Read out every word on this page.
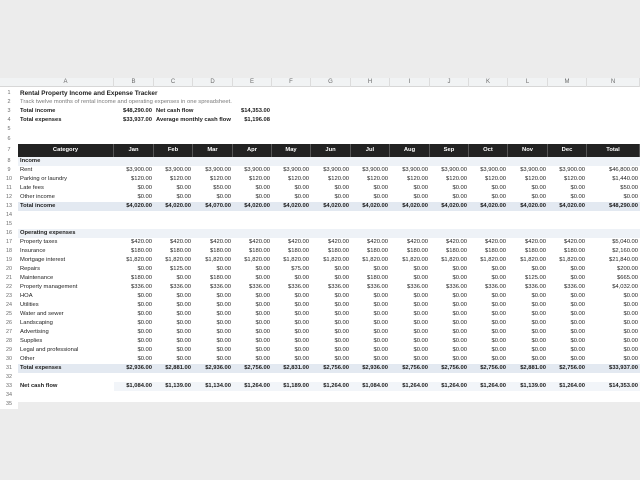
A	B	C	D	E	F	G	H	I	J	K	L	M	N
1	Rental Property Income and Expense Tracker
2	Track twelve months of rental income and operating expenses in one spreadsheet.
3	Total income	$48,290.00 Net cash flow	$14,353.00
4	Total expenses	$33,937.00 Average monthly cash flow	$1,196.08
5
6
7	Category	Jan	Feb	Mar	Apr	May	Jun	Jul	Aug	Sep	Oct	Nov	Dec	Total
8	Income
9	Rent	$3,900.00	$3,900.00	$3,900.00	$3,900.00	$3,900.00	$3,900.00	$3,900.00	$3,900.00	$3,900.00	$3,900.00	$3,900.00	$3,900.00	$46,800.00
10	Parking or laundry	$120.00	$120.00	$120.00	$120.00	$120.00	$120.00	$120.00	$120.00	$120.00	$120.00	$120.00	$120.00	$1,440.00
11	Late fees	$0.00	$0.00	$50.00	$0.00	$0.00	$0.00	$0.00	$0.00	$0.00	$0.00	$0.00	$0.00	$50.00
12	Other income	$0.00	$0.00	$0.00	$0.00	$0.00	$0.00	$0.00	$0.00	$0.00	$0.00	$0.00	$0.00	$0.00
13	Total income	$4,020.00	$4,020.00	$4,070.00	$4,020.00	$4,020.00	$4,020.00	$4,020.00	$4,020.00	$4,020.00	$4,020.00	$4,020.00	$4,020.00	$48,290.00
14
15
16	Operating expenses
17	Property taxes	$420.00	$420.00	$420.00	$420.00	$420.00	$420.00	$420.00	$420.00	$420.00	$420.00	$420.00	$420.00	$5,040.00
18	Insurance	$180.00	$180.00	$180.00	$180.00	$180.00	$180.00	$180.00	$180.00	$180.00	$180.00	$180.00	$180.00	$2,160.00
19	Mortgage interest	$1,820.00	$1,820.00	$1,820.00	$1,820.00	$1,820.00	$1,820.00	$1,820.00	$1,820.00	$1,820.00	$1,820.00	$1,820.00	$1,820.00	$21,840.00
20	Repairs	$0.00	$125.00	$0.00	$0.00	$75.00	$0.00	$0.00	$0.00	$0.00	$0.00	$0.00	$0.00	$200.00
21	Maintenance	$180.00	$0.00	$180.00	$0.00	$0.00	$0.00	$180.00	$0.00	$0.00	$0.00	$125.00	$0.00	$665.00
22	Property management	$336.00	$336.00	$336.00	$336.00	$336.00	$336.00	$336.00	$336.00	$336.00	$336.00	$336.00	$336.00	$4,032.00
23	HOA	$0.00	$0.00	$0.00	$0.00	$0.00	$0.00	$0.00	$0.00	$0.00	$0.00	$0.00	$0.00	$0.00
24	Utilities	$0.00	$0.00	$0.00	$0.00	$0.00	$0.00	$0.00	$0.00	$0.00	$0.00	$0.00	$0.00	$0.00
25	Water and sewer	$0.00	$0.00	$0.00	$0.00	$0.00	$0.00	$0.00	$0.00	$0.00	$0.00	$0.00	$0.00	$0.00
26	Landscaping	$0.00	$0.00	$0.00	$0.00	$0.00	$0.00	$0.00	$0.00	$0.00	$0.00	$0.00	$0.00	$0.00
27	Advertising	$0.00	$0.00	$0.00	$0.00	$0.00	$0.00	$0.00	$0.00	$0.00	$0.00	$0.00	$0.00	$0.00
28	Supplies	$0.00	$0.00	$0.00	$0.00	$0.00	$0.00	$0.00	$0.00	$0.00	$0.00	$0.00	$0.00	$0.00
29	Legal and professional	$0.00	$0.00	$0.00	$0.00	$0.00	$0.00	$0.00	$0.00	$0.00	$0.00	$0.00	$0.00	$0.00
30	Other	$0.00	$0.00	$0.00	$0.00	$0.00	$0.00	$0.00	$0.00	$0.00	$0.00	$0.00	$0.00	$0.00
31	Total expenses	$2,936.00	$2,881.00	$2,936.00	$2,756.00	$2,831.00	$2,756.00	$2,936.00	$2,756.00	$2,756.00	$2,756.00	$2,881.00	$2,756.00	$33,937.00
32
33	Net cash flow	$1,084.00	$1,139.00	$1,134.00	$1,264.00	$1,189.00	$1,264.00	$1,084.00	$1,264.00	$1,264.00	$1,264.00	$1,139.00	$1,264.00	$14,353.00
34
35
